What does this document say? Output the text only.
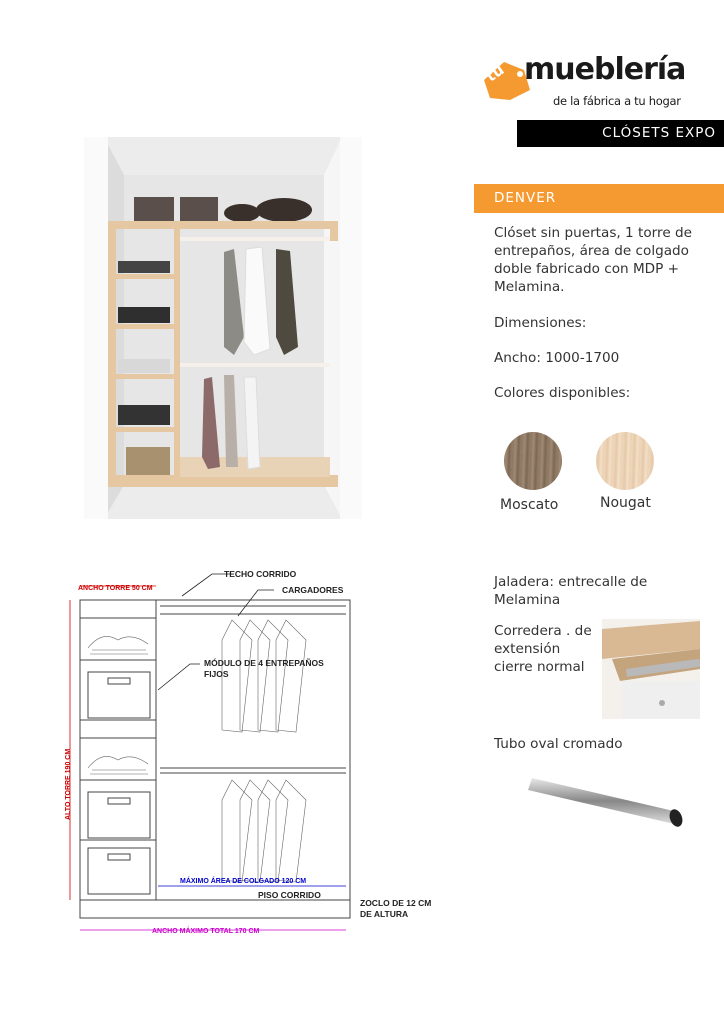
tu mueblería
de la fábrica a tu hogar
CLÓSETS EXPO
DENVER
Clóset sin puertas, 1 torre de entrepaños, área de colgado doble fabricado con MDP + Melamina.
Dimensiones:
Ancho: 1000-1700
Colores disponibles:
Moscato	Nougat
Jaladera: entrecalle de Melamina
Corredera . de extensión cierre normal
Tubo oval cromado
TECHO CORRIDO
ANCHO TORRE 50 CM	CARGADORES
MÓDULO DE 4 ENTREPAÑOS
FIJOS
ALTO TORRE 190 CM
MÁXIMO ÁREA DE COLGADO 120 CM
PISO CORRIDO
ZOCLO DE 12 CM
DE ALTURA
ANCHO MÁXIMO TOTAL 170 CM
